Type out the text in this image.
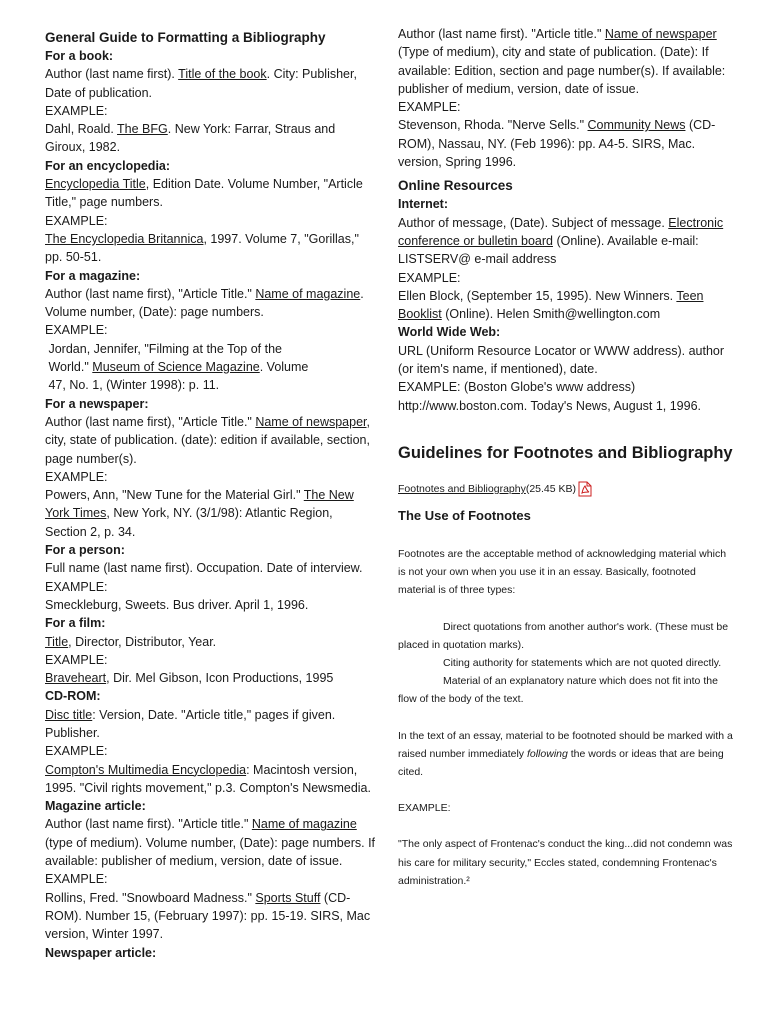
General Guide to Formatting a Bibliography

For a book:

Author (last name first). Title of the book. City: Publisher, Date of publication.

EXAMPLE:

Dahl, Roald. The BFG. New York: Farrar, Straus and Giroux, 1982.

For an encyclopedia:

Encyclopedia Title, Edition Date. Volume Number, "Article Title," page numbers.

EXAMPLE:

The Encyclopedia Britannica, 1997. Volume 7, "Gorillas," pp. 50-51.

For a magazine:

Author (last name first), "Article Title." Name of magazine. Volume number, (Date): page numbers.

EXAMPLE:

Jordan, Jennifer, "Filming at the Top of the

World." Museum of Science Magazine. Volume

47, No. 1, (Winter 1998): p. 11.

For a newspaper:

Author (last name first), "Article Title." Name of newspaper, city, state of publication. (date): edition if available, section, page number(s).

EXAMPLE:

Powers, Ann, "New Tune for the Material Girl." The New York Times, New York, NY. (3/1/98): Atlantic Region, Section 2, p. 34.

For a person:

Full name (last name first). Occupation. Date of interview.

EXAMPLE:

Smeckleburg, Sweets. Bus driver. April 1, 1996.

For a film:

Title, Director, Distributor, Year.

EXAMPLE:

Braveheart, Dir. Mel Gibson, Icon Productions, 1995

CD-ROM:

Disc title: Version, Date. "Article title," pages if given. Publisher.

EXAMPLE:

Compton's Multimedia Encyclopedia: Macintosh version, 1995. "Civil rights movement," p.3. Compton's Newsmedia.

Magazine article:

Author (last name first). "Article title." Name of magazine (type of medium). Volume number, (Date): page numbers. If available: publisher of medium, version, date of issue.

EXAMPLE:

Rollins, Fred. "Snowboard Madness." Sports Stuff (CD-ROM). Number 15, (February 1997): pp. 15-19. SIRS, Mac version, Winter 1997.

Newspaper article:

Author (last name first). "Article title." Name of newspaper (Type of medium), city and state of publication. (Date): If available: Edition, section and page number(s). If available: publisher of medium, version, date of issue.

EXAMPLE:

Stevenson, Rhoda. "Nerve Sells." Community News (CD-ROM), Nassau, NY. (Feb 1996): pp. A4-5. SIRS, Mac. version, Spring 1996.

Online Resources

Internet:

Author of message, (Date). Subject of message. Electronic conference or bulletin board (Online). Available e-mail: LISTSERV@ e-mail address

EXAMPLE:

Ellen Block, (September 15, 1995). New Winners. Teen Booklist (Online). Helen Smith@wellington.com

World Wide Web:

URL (Uniform Resource Locator or WWW address). author (or item's name, if mentioned), date.

EXAMPLE: (Boston Globe's www address) http://www.boston.com. Today's News, August 1, 1996.

Guidelines for Footnotes and Bibliography

Footnotes and Bibliography (25.45 KB)

The Use of Footnotes

Footnotes are the acceptable method of acknowledging material which is not your own when you use it in an essay. Basically, footnoted material is of three types:

Direct quotations from another author's work. (These must be placed in quotation marks).

Citing authority for statements which are not quoted directly.

Material of an explanatory nature which does not fit into the flow of the body of the text.

In the text of an essay, material to be footnoted should be marked with a raised number immediately following the words or ideas that are being cited.

EXAMPLE:

"The only aspect of Frontenac's conduct the king...did not condemn was his care for military security," Eccles stated, condemning Frontenac's administration.²
